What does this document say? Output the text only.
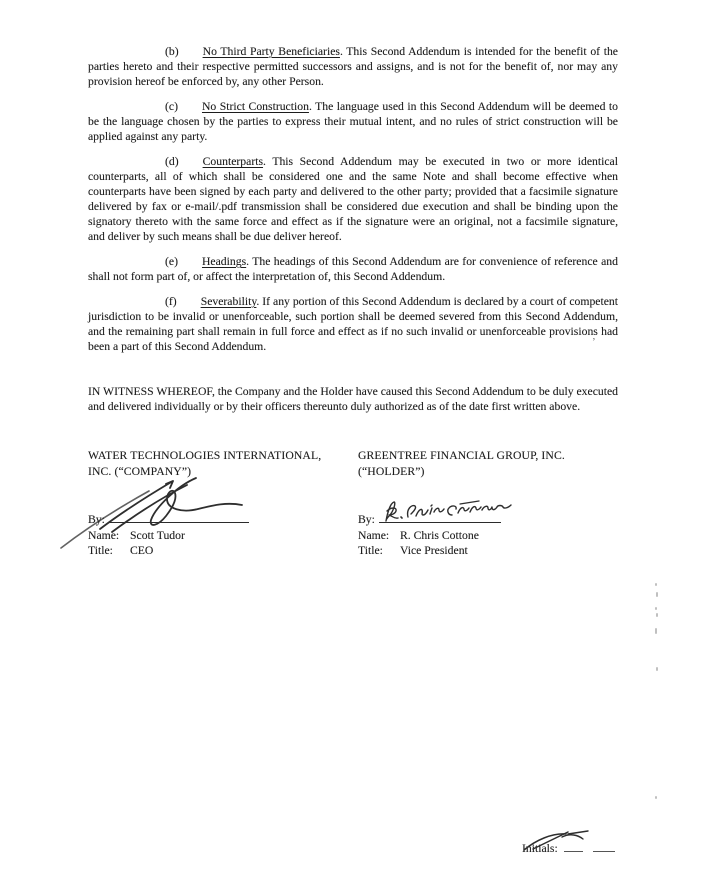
(b) No Third Party Beneficiaries. This Second Addendum is intended for the benefit of the parties hereto and their respective permitted successors and assigns, and is not for the benefit of, nor may any provision hereof be enforced by, any other Person.

(c) No Strict Construction. The language used in this Second Addendum will be deemed to be the language chosen by the parties to express their mutual intent, and no rules of strict construction will be applied against any party.

(d) Counterparts. This Second Addendum may be executed in two or more identical counterparts, all of which shall be considered one and the same Note and shall become effective when counterparts have been signed by each party and delivered to the other party; provided that a facsimile signature delivered by fax or e-mail/.pdf transmission shall be considered due execution and shall be binding upon the signatory thereto with the same force and effect as if the signature were an original, not a facsimile signature, and deliver by such means shall be due deliver hereof.

(e) Headings. The headings of this Second Addendum are for convenience of reference and shall not form part of, or affect the interpretation of, this Second Addendum.

(f) Severability. If any portion of this Second Addendum is declared by a court of competent jurisdiction to be invalid or unenforceable, such portion shall be deemed severed from this Second Addendum, and the remaining part shall remain in full force and effect as if no such invalid or unenforceable provisions had been a part of this Second Addendum.

IN WITNESS WHEREOF, the Company and the Holder have caused this Second Addendum to be duly executed and delivered individually or by their officers thereunto duly authorized as of the date first written above.

WATER TECHNOLOGIES INTERNATIONAL,
INC. (“COMPANY”)
By:
Name: Scott Tudor
Title: CEO
GREENTREE FINANCIAL GROUP, INC.
(“HOLDER”)
By:
Name: R. Chris Cottone
Title: Vice President
Initials:
’
